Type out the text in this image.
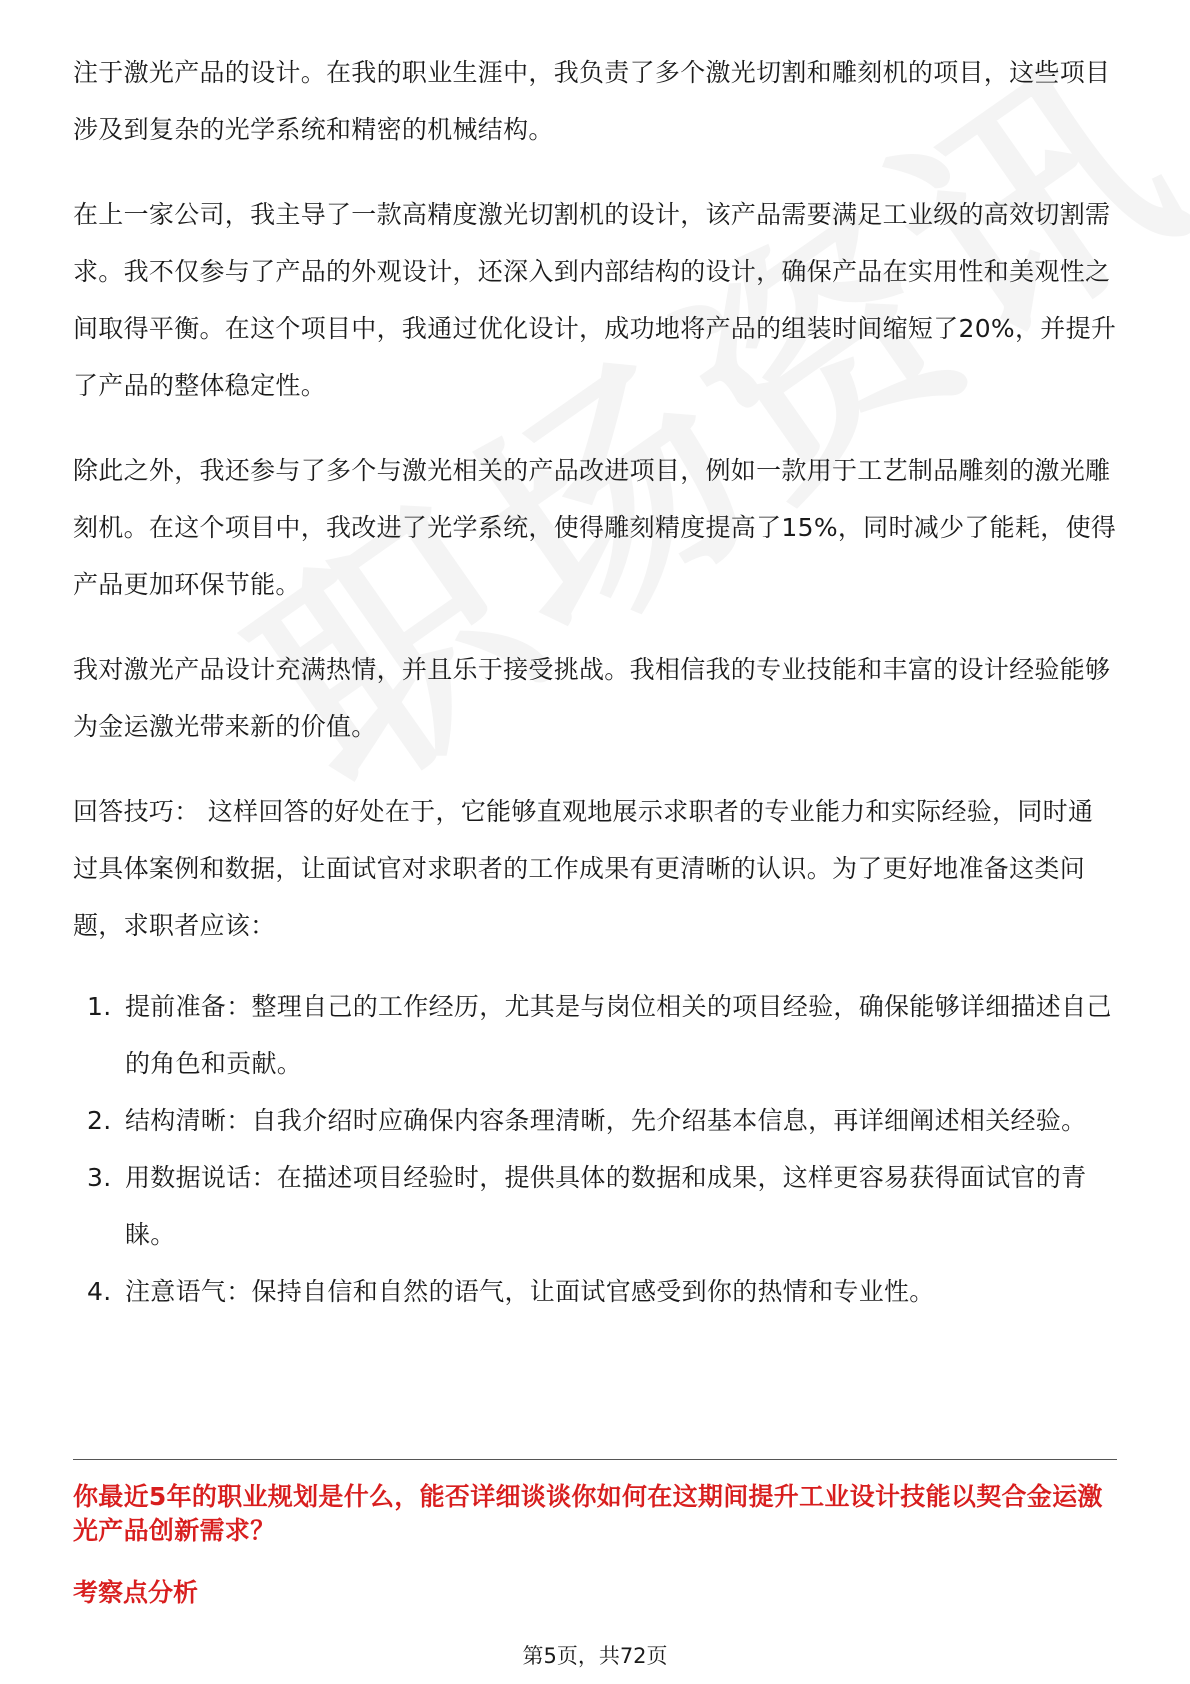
注于激光产品的设计。在我的职业生涯中，我负责了多个激光切割和雕刻机的项目，这些项目涉及到复杂的光学系统和精密的机械结构。

在上一家公司，我主导了一款高精度激光切割机的设计，该产品需要满足工业级的高效切割需求。我不仅参与了产品的外观设计，还深入到内部结构的设计，确保产品在实用性和美观性之间取得平衡。在这个项目中，我通过优化设计，成功地将产品的组装时间缩短了20%，并提升了产品的整体稳定性。

除此之外，我还参与了多个与激光相关的产品改进项目，例如一款用于工艺制品雕刻的激光雕刻机。在这个项目中，我改进了光学系统，使得雕刻精度提高了15%，同时减少了能耗，使得产品更加环保节能。

我对激光产品设计充满热情，并且乐于接受挑战。我相信我的专业技能和丰富的设计经验能够为金运激光带来新的价值。

回答技巧： 这样回答的好处在于，它能够直观地展示求职者的专业能力和实际经验，同时通过具体案例和数据，让面试官对求职者的工作成果有更清晰的认识。为了更好地准备这类问题，求职者应该：

1. 提前准备：整理自己的工作经历，尤其是与岗位相关的项目经验，确保能够详细描述自己的角色和贡献。
2. 结构清晰：自我介绍时应确保内容条理清晰，先介绍基本信息，再详细阐述相关经验。
3. 用数据说话：在描述项目经验时，提供具体的数据和成果，这样更容易获得面试官的青睐。
4. 注意语气：保持自信和自然的语气，让面试官感受到你的热情和专业性。

你最近5年的职业规划是什么，能否详细谈谈你如何在这期间提升工业设计技能以契合金运激光产品创新需求？

考察点分析

第5页，共72页
